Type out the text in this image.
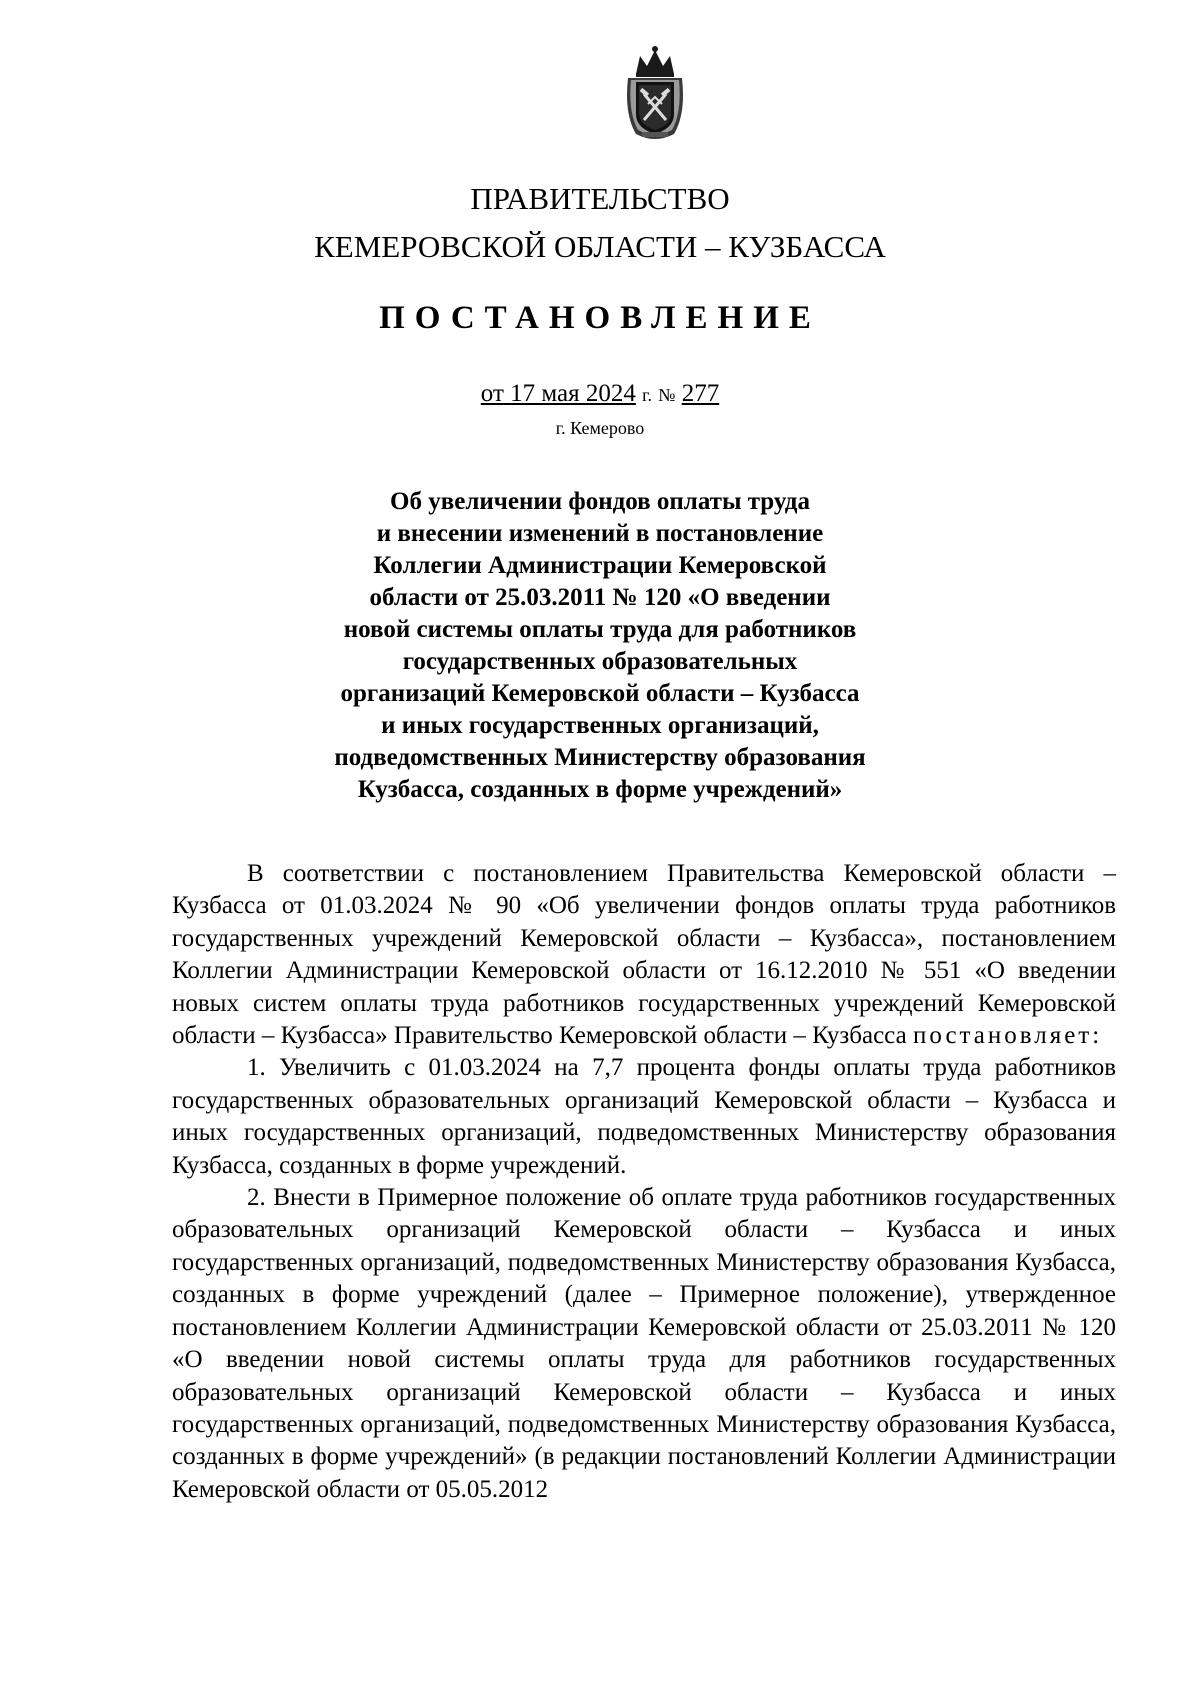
ПРАВИТЕЛЬСТВО
КЕМЕРОВСКОЙ ОБЛАСТИ – КУЗБАССА
ПОСТАНОВЛЕНИЕ
от 17 мая 2024 г. № 277
г. Кемерово
Об увеличении фондов оплаты труда
и внесении изменений в постановление
Коллегии Администрации Кемеровской
области от 25.03.2011 № 120 «О введении
новой системы оплаты труда для работников
государственных образовательных
организаций Кемеровской области – Кузбасса
и иных государственных организаций,
подведомственных Министерству образования
Кузбасса, созданных в форме учреждений»

В соответствии с постановлением Правительства Кемеровской области – Кузбасса от 01.03.2024 № 90 «Об увеличении фондов оплаты труда работников государственных учреждений Кемеровской области – Кузбасса», постановлением Коллегии Администрации Кемеровской области от 16.12.2010 № 551 «О введении новых систем оплаты труда работников государственных учреждений Кемеровской области – Кузбасса» Правительство Кемеровской области – Кузбасса постановляет:

1. Увеличить с 01.03.2024 на 7,7 процента фонды оплаты труда работников государственных образовательных организаций Кемеровской области – Кузбасса и иных государственных организаций, подведомственных Министерству образования Кузбасса, созданных в форме учреждений.

2. Внести в Примерное положение об оплате труда работников государственных образовательных организаций Кемеровской области – Кузбасса и иных государственных организаций, подведомственных Министерству образования Кузбасса, созданных в форме учреждений (далее – Примерное положение), утвержденное постановлением Коллегии Администрации Кемеровской области от 25.03.2011 № 120 «О введении новой системы оплаты труда для работников государственных образовательных организаций Кемеровской области – Кузбасса и иных государственных организаций, подведомственных Министерству образования Кузбасса, созданных в форме учреждений» (в редакции постановлений Коллегии Администрации Кемеровской области от 05.05.2012
